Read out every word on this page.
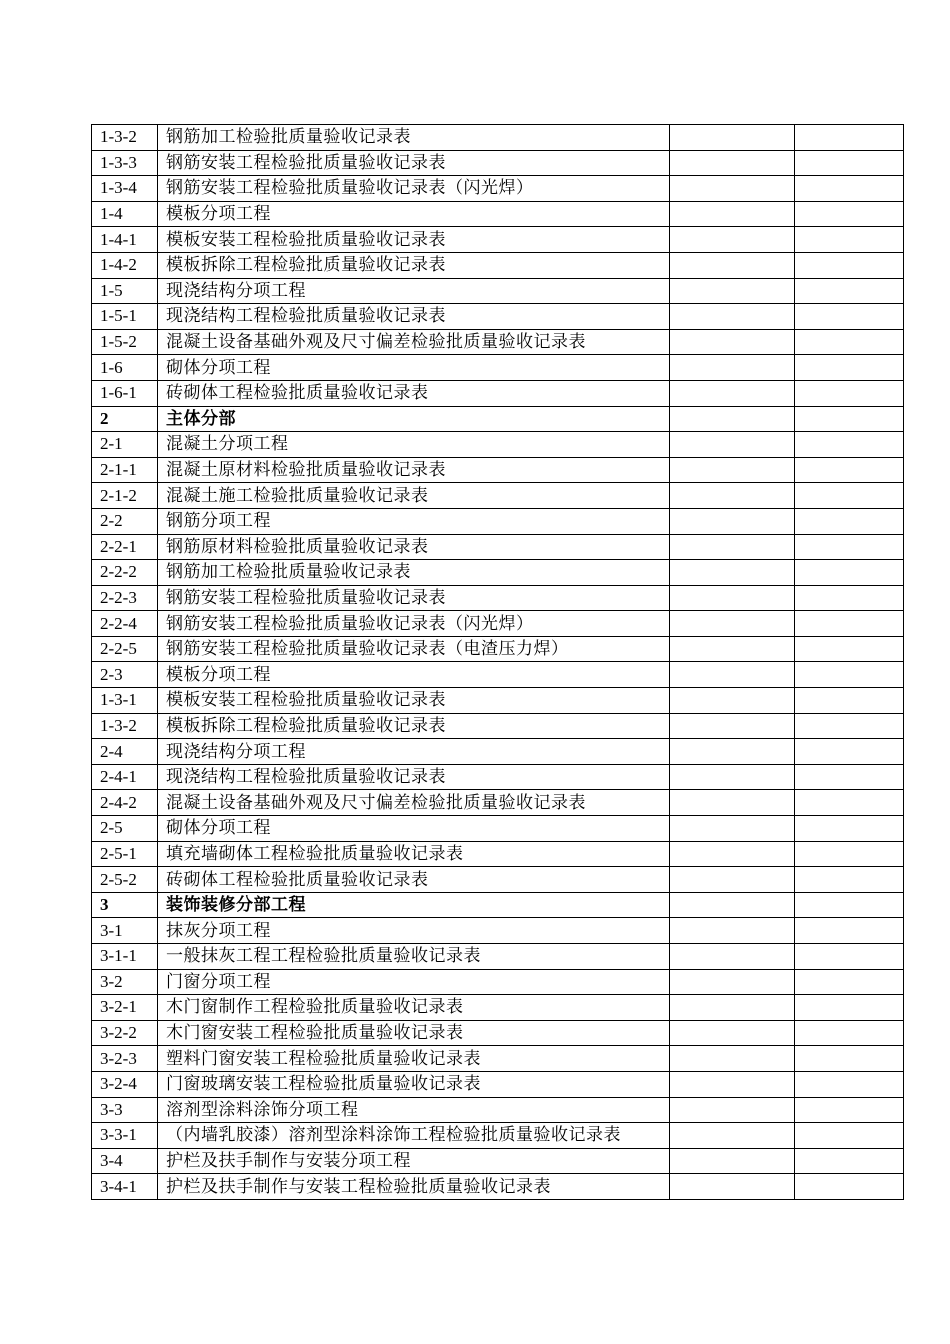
1-3-2	钢筋加工检验批质量验收记录表		
1-3-3	钢筋安装工程检验批质量验收记录表		
1-3-4	钢筋安装工程检验批质量验收记录表（闪光焊）		
1-4	模板分项工程		
1-4-1	模板安装工程检验批质量验收记录表		
1-4-2	模板拆除工程检验批质量验收记录表		
1-5	现浇结构分项工程		
1-5-1	现浇结构工程检验批质量验收记录表		
1-5-2	混凝土设备基础外观及尺寸偏差检验批质量验收记录表		
1-6	砌体分项工程		
1-6-1	砖砌体工程检验批质量验收记录表		
2	主体分部		
2-1	混凝土分项工程		
2-1-1	混凝土原材料检验批质量验收记录表		
2-1-2	混凝土施工检验批质量验收记录表		
2-2	钢筋分项工程		
2-2-1	钢筋原材料检验批质量验收记录表		
2-2-2	钢筋加工检验批质量验收记录表		
2-2-3	钢筋安装工程检验批质量验收记录表		
2-2-4	钢筋安装工程检验批质量验收记录表（闪光焊）		
2-2-5	钢筋安装工程检验批质量验收记录表（电渣压力焊）		
2-3	模板分项工程		
1-3-1	模板安装工程检验批质量验收记录表		
1-3-2	模板拆除工程检验批质量验收记录表		
2-4	现浇结构分项工程		
2-4-1	现浇结构工程检验批质量验收记录表		
2-4-2	混凝土设备基础外观及尺寸偏差检验批质量验收记录表		
2-5	砌体分项工程		
2-5-1	填充墙砌体工程检验批质量验收记录表		
2-5-2	砖砌体工程检验批质量验收记录表		
3	装饰装修分部工程		
3-1	抹灰分项工程		
3-1-1	一般抹灰工程工程检验批质量验收记录表		
3-2	门窗分项工程		
3-2-1	木门窗制作工程检验批质量验收记录表		
3-2-2	木门窗安装工程检验批质量验收记录表		
3-2-3	塑料门窗安装工程检验批质量验收记录表		
3-2-4	门窗玻璃安装工程检验批质量验收记录表		
3-3	溶剂型涂料涂饰分项工程		
3-3-1	（内墙乳胶漆）溶剂型涂料涂饰工程检验批质量验收记录表		
3-4	护栏及扶手制作与安装分项工程		
3-4-1	护栏及扶手制作与安装工程检验批质量验收记录表		
